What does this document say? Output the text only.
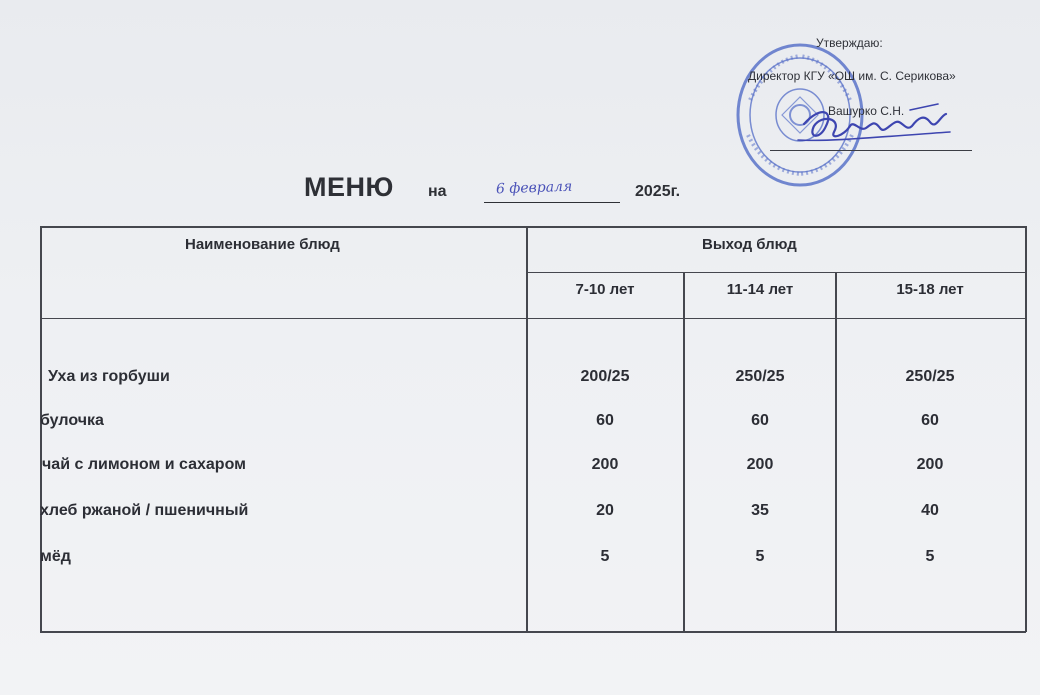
Утверждаю:
Директор КГУ «ОШ им. С. Серикова»
Вашурко С.Н.
МЕНЮ на	6 февраля	2025г.
Наименование блюд	Выход блюд
7-10 лет	11-14 лет	15-18 лет
Уха из горбуши	200/25	250/25	250/25
булочка	60	60	60
чай с лимоном и сахаром	200	200	200
хлеб ржаной / пшеничный	20	35	40
мёд	5	5	5
